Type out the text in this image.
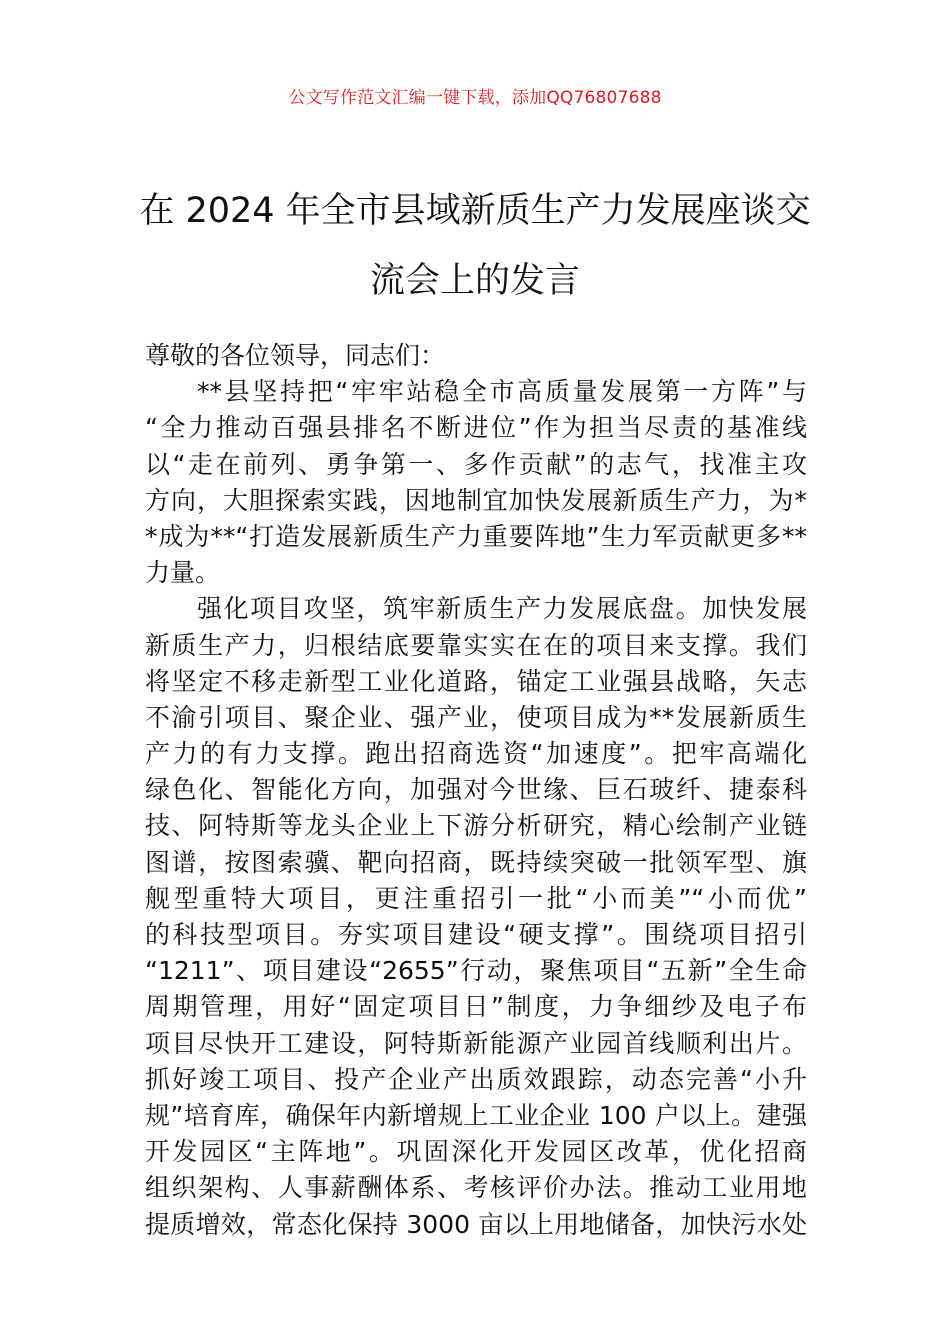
公文写作范文汇编一键下载，添加QQ76807688
在 2024 年全市县域新质生产力发展座谈交
流会上的发言
尊敬的各位领导，同志们：
**县坚持把“牢牢站稳全市高质量发展第一方阵”与
“全力推动百强县排名不断进位”作为担当尽责的基准线
以“走在前列、勇争第一、多作贡献”的志气，找准主攻
方向，大胆探索实践，因地制宜加快发展新质生产力，为*
*成为**“打造发展新质生产力重要阵地”生力军贡献更多**
力量。
强化项目攻坚，筑牢新质生产力发展底盘。加快发展
新质生产力，归根结底要靠实实在在的项目来支撑。我们
将坚定不移走新型工业化道路，锚定工业强县战略，矢志
不渝引项目、聚企业、强产业，使项目成为**发展新质生
产力的有力支撑。跑出招商选资“加速度”。把牢高端化
绿色化、智能化方向，加强对今世缘、巨石玻纤、捷泰科
技、阿特斯等龙头企业上下游分析研究，精心绘制产业链
图谱，按图索骥、靶向招商，既持续突破一批领军型、旗
舰型重特大项目，更注重招引一批“小而美”“小而优”
的科技型项目。夯实项目建设“硬支撑”。围绕项目招引
“1211”、项目建设“2655”行动，聚焦项目“五新”全生命
周期管理，用好“固定项目日”制度，力争细纱及电子布
项目尽快开工建设，阿特斯新能源产业园首线顺利出片。
抓好竣工项目、投产企业产出质效跟踪，动态完善“小升
规”培育库，确保年内新增规上工业企业 100 户以上。建强
开发园区“主阵地”。巩固深化开发园区改革，优化招商
组织架构、人事薪酬体系、考核评价办法。推动工业用地
提质增效，常态化保持 3000 亩以上用地储备，加快污水处
